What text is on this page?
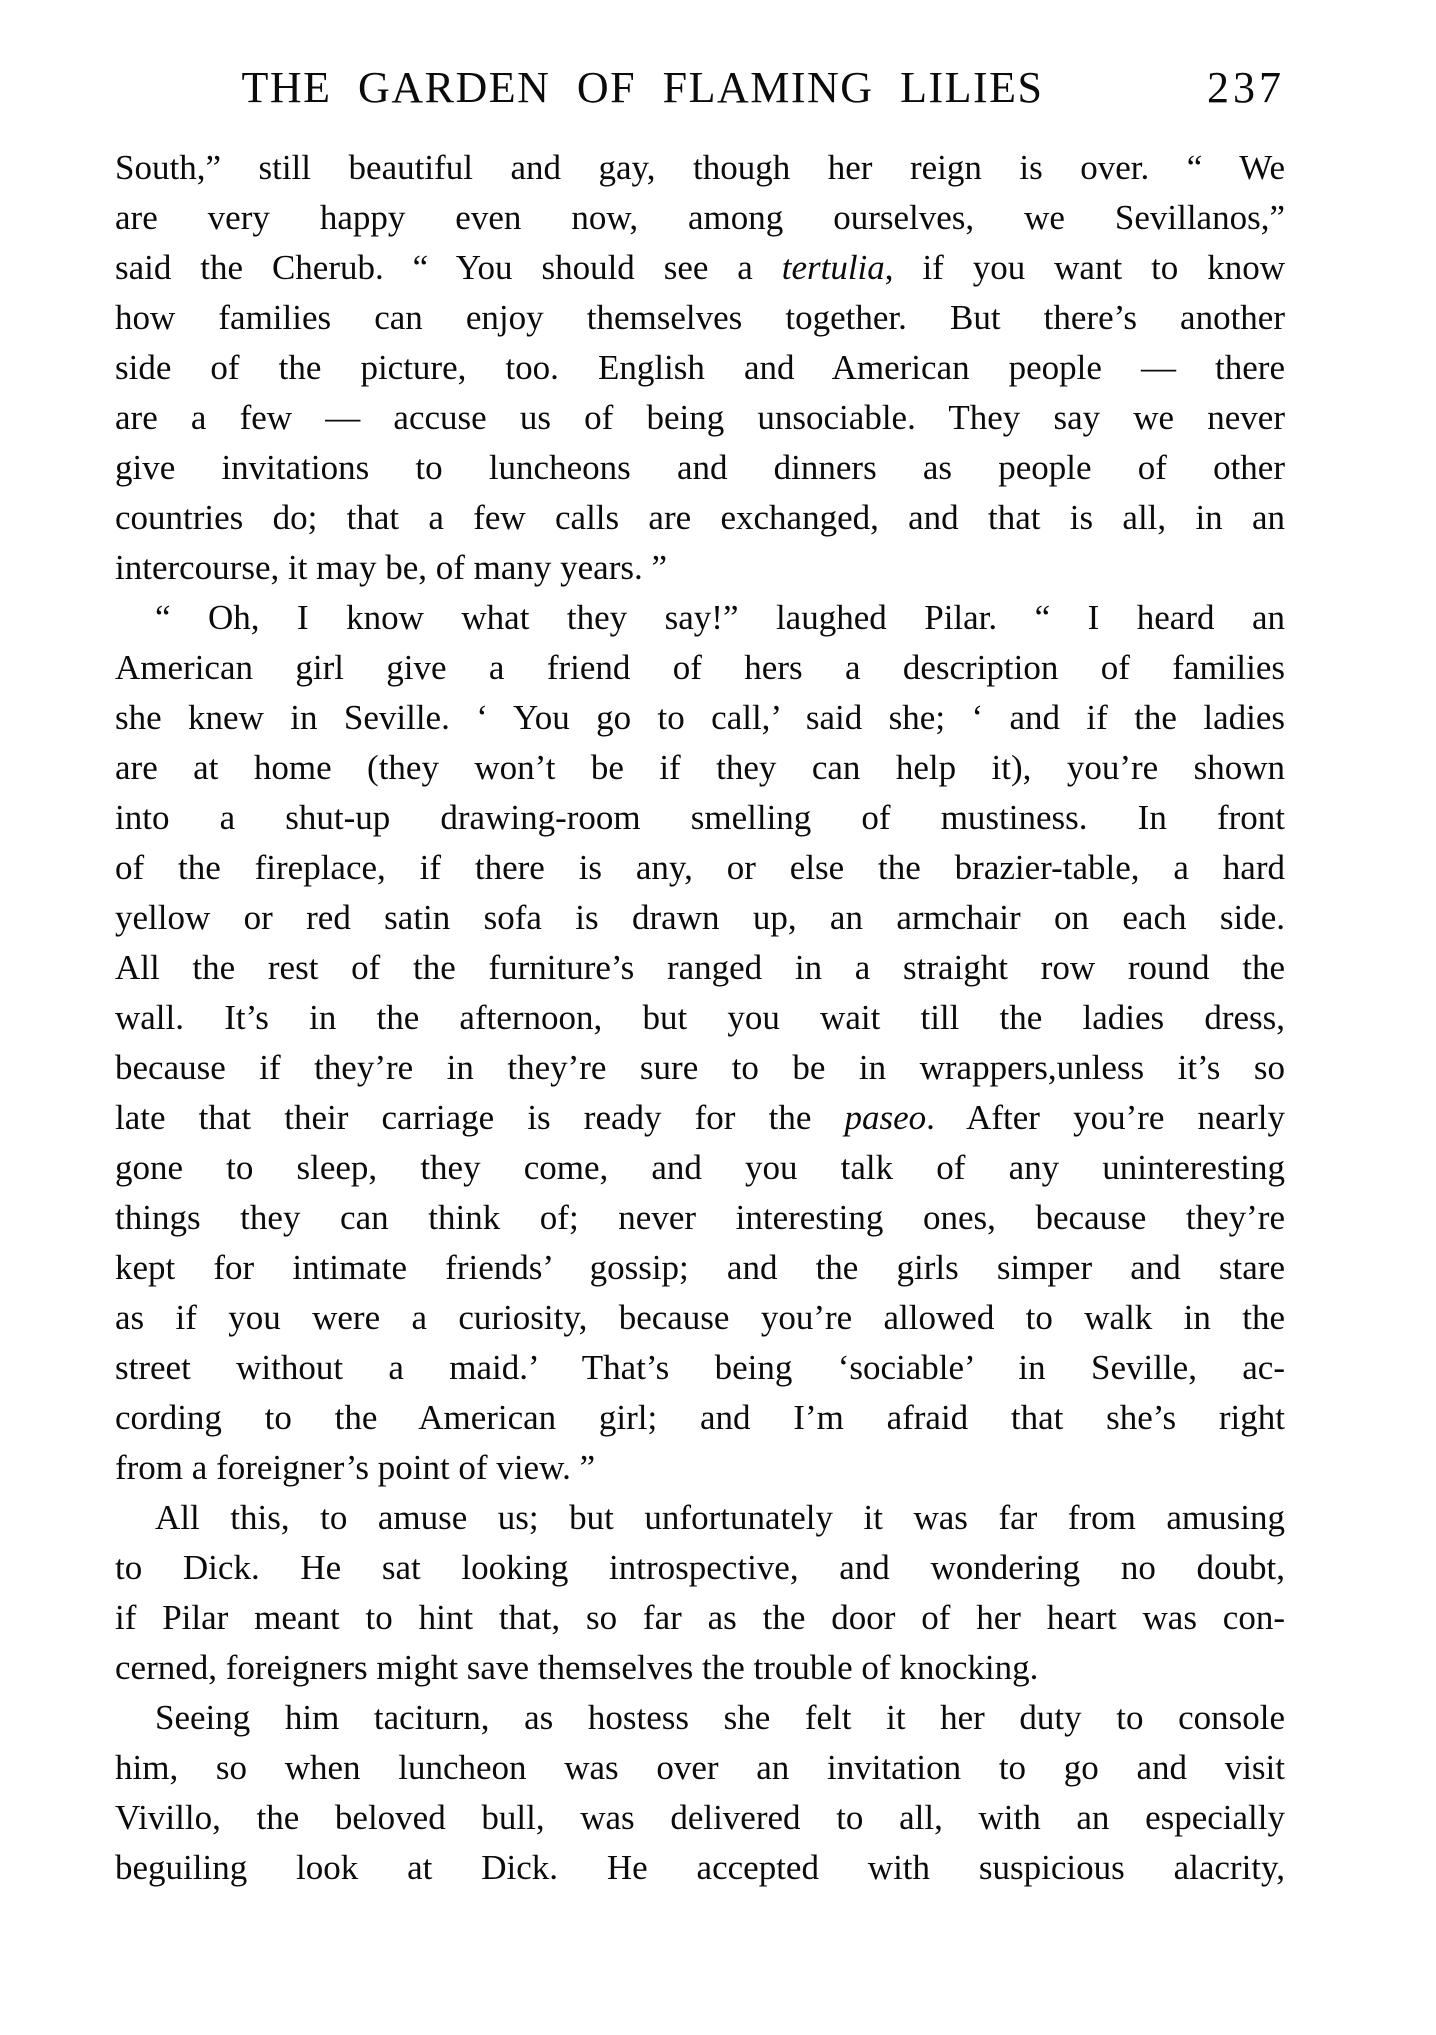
THE GARDEN OF FLAMING LILIES	237
South,” still beautiful and gay, though her reign is over. “ We
are very happy even now, among ourselves, we Sevillanos,”
said the Cherub. “ You should see a tertulia, if you want to know
how families can enjoy themselves together. But there’s another
side of the picture, too. English and American people — there
are a few — accuse us of being unsociable. They say we never
give invitations to luncheons and dinners as people of other
countries do; that a few calls are exchanged, and that is all, in an
intercourse, it may be, of many years. ”
“ Oh, I know what they say!” laughed Pilar. “ I heard an
American girl give a friend of hers a description of families
she knew in Seville. ‘ You go to call,’ said she; ‘ and if the ladies
are at home (they won’t be if they can help it), you’re shown
into a shut-up drawing-room smelling of mustiness. In front
of the fireplace, if there is any, or else the brazier-table, a hard
yellow or red satin sofa is drawn up, an armchair on each side.
All the rest of the furniture’s ranged in a straight row round the
wall. It’s in the afternoon, but you wait till the ladies dress,
because if they’re in they’re sure to be in wrappers,unless it’s so
late that their carriage is ready for the paseo. After you’re nearly
gone to sleep, they come, and you talk of any uninteresting
things they can think of; never interesting ones, because they’re
kept for intimate friends’ gossip; and the girls simper and stare
as if you were a curiosity, because you’re allowed to walk in the
street without a maid.’ That’s being ‘sociable’ in Seville, ac-
cording to the American girl; and I’m afraid that she’s right
from a foreigner’s point of view. ”
All this, to amuse us; but unfortunately it was far from amusing
to Dick. He sat looking introspective, and wondering no doubt,
if Pilar meant to hint that, so far as the door of her heart was con-
cerned, foreigners might save themselves the trouble of knocking.
Seeing him taciturn, as hostess she felt it her duty to console
him, so when luncheon was over an invitation to go and visit
Vivillo, the beloved bull, was delivered to all, with an especially
beguiling look at Dick. He accepted with suspicious alacrity,
